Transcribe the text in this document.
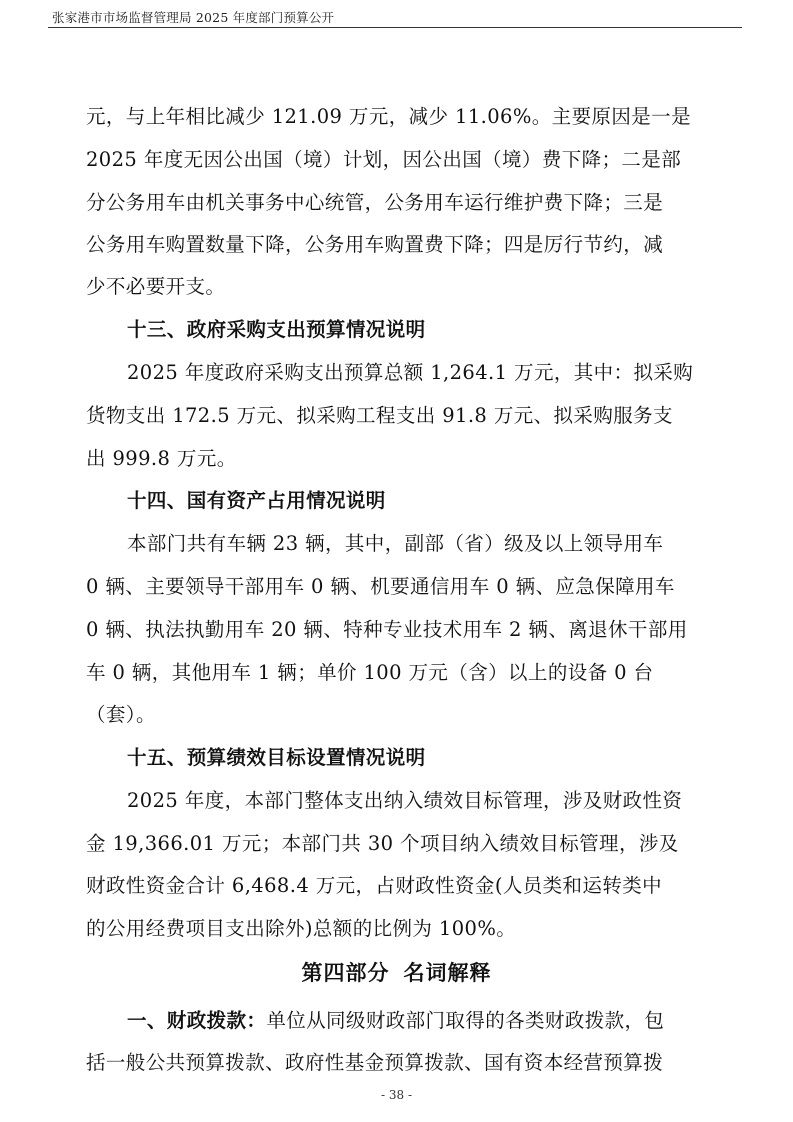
张家港市市场监督管理局 2025 年度部门预算公开
元，与上年相比减少 121.09 万元，减少 11.06%。主要原因是一是
2025 年度无因公出国（境）计划，因公出国（境）费下降；二是部
分公务用车由机关事务中心统管，公务用车运行维护费下降；三是
公务用车购置数量下降，公务用车购置费下降；四是厉行节约，减
少不必要开支。
十三、政府采购支出预算情况说明
2025 年度政府采购支出预算总额 1,264.1 万元，其中：拟采购
货物支出 172.5 万元、拟采购工程支出 91.8 万元、拟采购服务支
出 999.8 万元。
十四、国有资产占用情况说明
本部门共有车辆 23 辆，其中，副部（省）级及以上领导用车
0 辆、主要领导干部用车 0 辆、机要通信用车 0 辆、应急保障用车
0 辆、执法执勤用车 20 辆、特种专业技术用车 2 辆、离退休干部用
车 0 辆，其他用车 1 辆；单价 100 万元（含）以上的设备 0 台
（套）。
十五、预算绩效目标设置情况说明
2025 年度，本部门整体支出纳入绩效目标管理，涉及财政性资
金 19,366.01 万元；本部门共 30 个项目纳入绩效目标管理，涉及
财政性资金合计 6,468.4 万元，占财政性资金(人员类和运转类中
的公用经费项目支出除外)总额的比例为 100%。
第四部分 名词解释
一、财政拨款：单位从同级财政部门取得的各类财政拨款，包
括一般公共预算拨款、政府性基金预算拨款、国有资本经营预算拨
- 38 -
